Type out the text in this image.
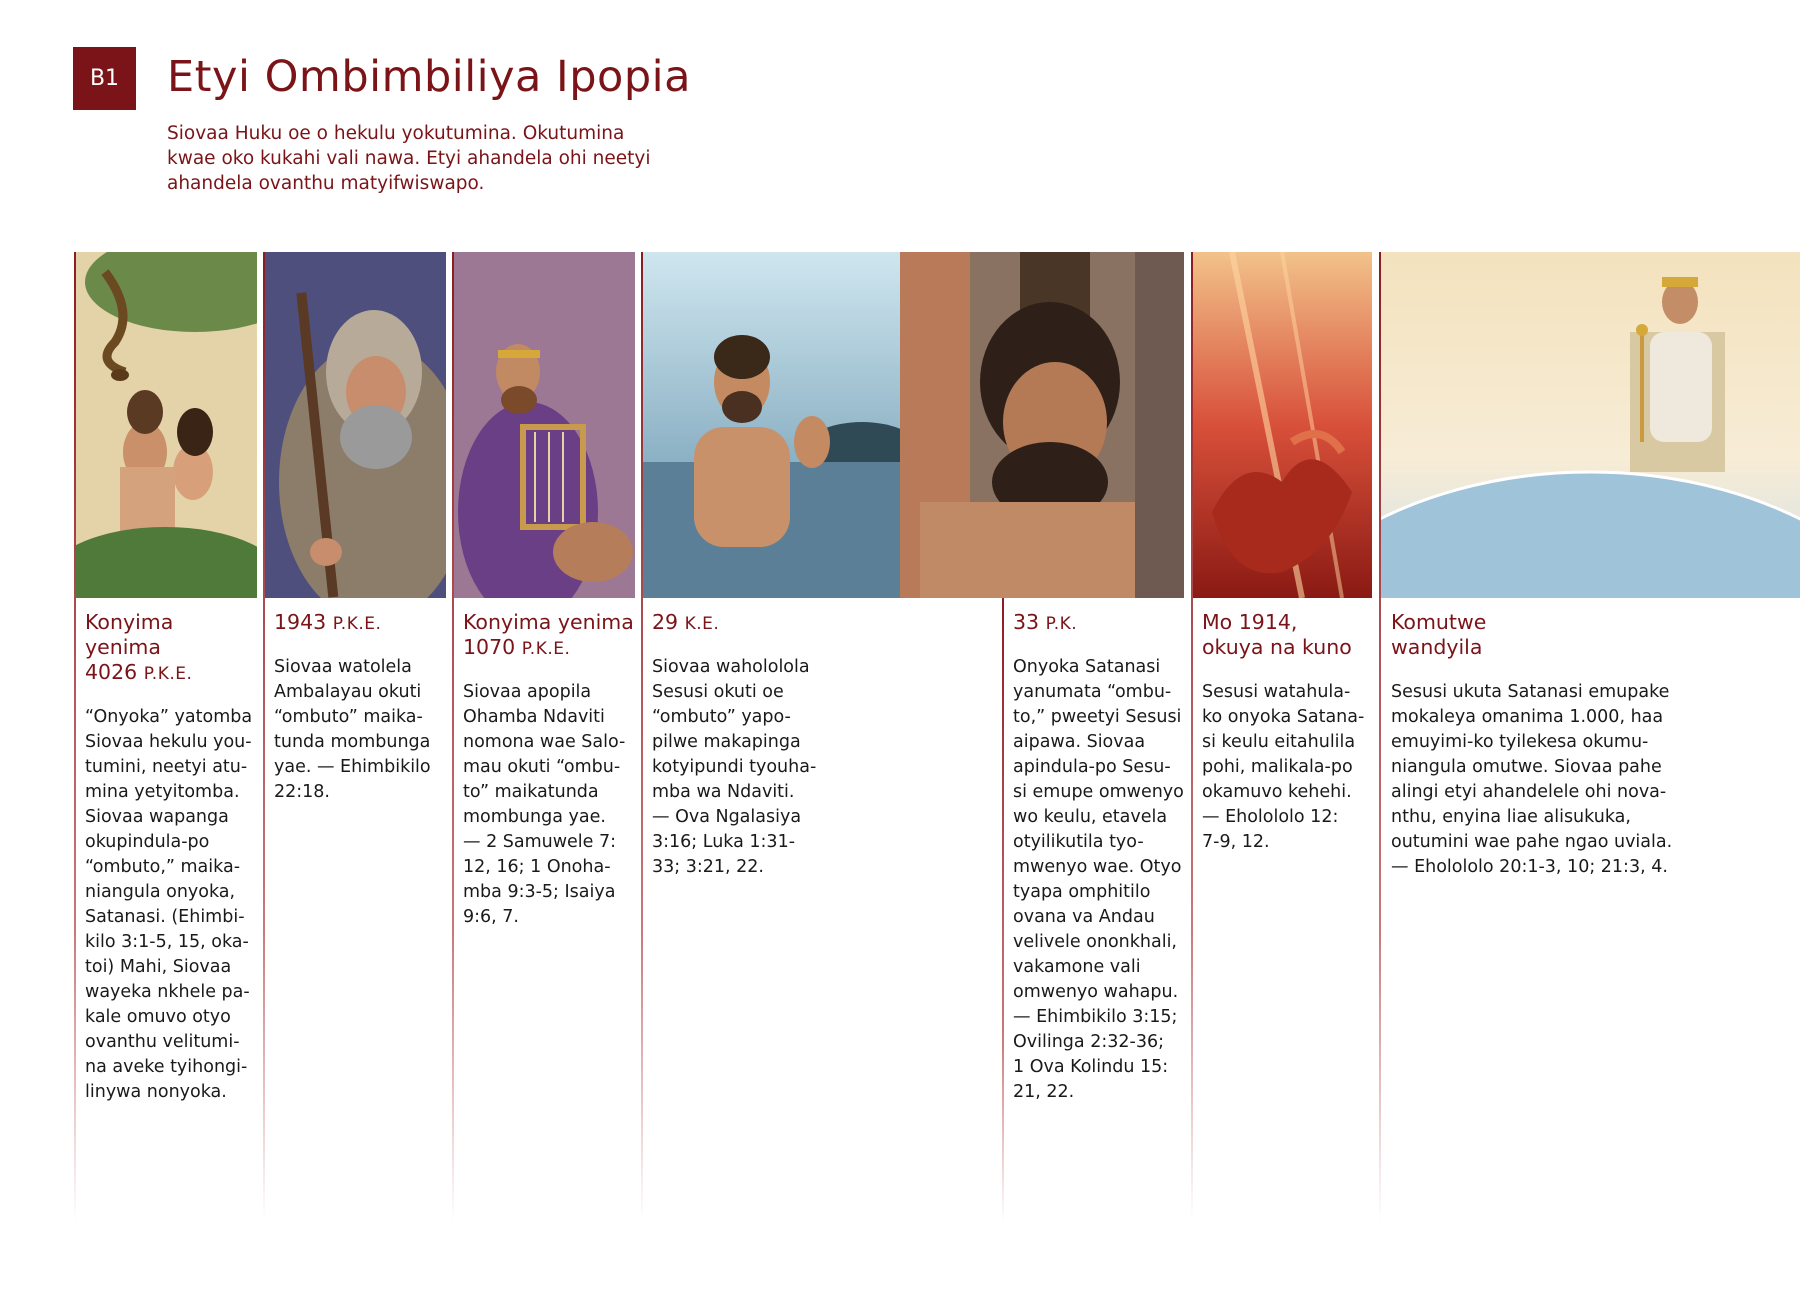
B1	Etyi Ombimbiliya Ipopia
Siovaa Huku oe o hekulu yokutumina. Okutumina kwae oko kukahi vali nawa. Etyi ahandela ohi neetyi ahandela ovanthu matyifwiswapo.
Konyima yenima
4026 P.K.E.
“Onyoka” yatomba
Siovaa hekulu you-
tumini, neetyi atu-
mina yetyitomba.
Siovaa wapanga
okupindula-po
“ombuto,” maika-
niangula onyoka,
Satanasi. (Ehimbi-
kilo 3:1-5, 15, oka-
toi) Mahi, Siovaa
wayeka nkhele pa-
kale omuvo otyo
ovanthu velitumi-
na aveke tyihongi-
linywa nonyoka.
1943 P.K.E.
Siovaa watolela
Ambalayau okuti
“ombuto” maika-
tunda mombunga
yae. — Ehimbikilo
22:18.
Konyima yenima
1070 P.K.E.
Siovaa apopila
Ohamba Ndaviti
nomona wae Salo-
mau okuti “ombu-
to” maikatunda
mombunga yae.
— 2 Samuwele 7:
12, 16; 1 Onoha-
mba 9:3-5; Isaiya
9:6, 7.
29 K.E.
Siovaa waholololа
Sesusi okuti oe
“ombuto” yapo-
pilwe makapinga
kotyipundi tyouha-
mba wa Ndaviti.
— Ova Ngalasiya
3:16; Luka 1:31-
33; 3:21, 22.
33 P.K.
Onyoka Satanasi
yanumata “ombu-
to,” pweetyi Sesusi
aipawa. Siovaa
apindula-po Sesu-
si emupe omwenyo
wo keulu, etavela
otyilikutila tyo-
mwenyo wae. Otyo
tyapa omphitilo
ovana va Andau
velivele ononkhali,
vakamone vali
omwenyo wahapu.
— Ehimbikilo 3:15;
Ovilinga 2:32-36;
1 Ova Kolindu 15:
21, 22.
Mo 1914,
okuya na kuno
Sesusi watahula-
ko onyoka Satana-
si keulu eitahulila
pohi, malikala-po
okamuvo kehehi.
— Eholololo 12:
7-9, 12.
Komutwe
wandyila
Sesusi ukuta Satanasi emupake
mokaleya omanima 1.000, haa
emuyimi-ko tyilekesa okumu-
niangula omutwe. Siovaa pahe
alingi etyi ahandelele ohi nova-
nthu, enyina liae alisukuka,
outumini wae pahe ngao uviala.
— Eholololo 20:1-3, 10; 21:3, 4.
